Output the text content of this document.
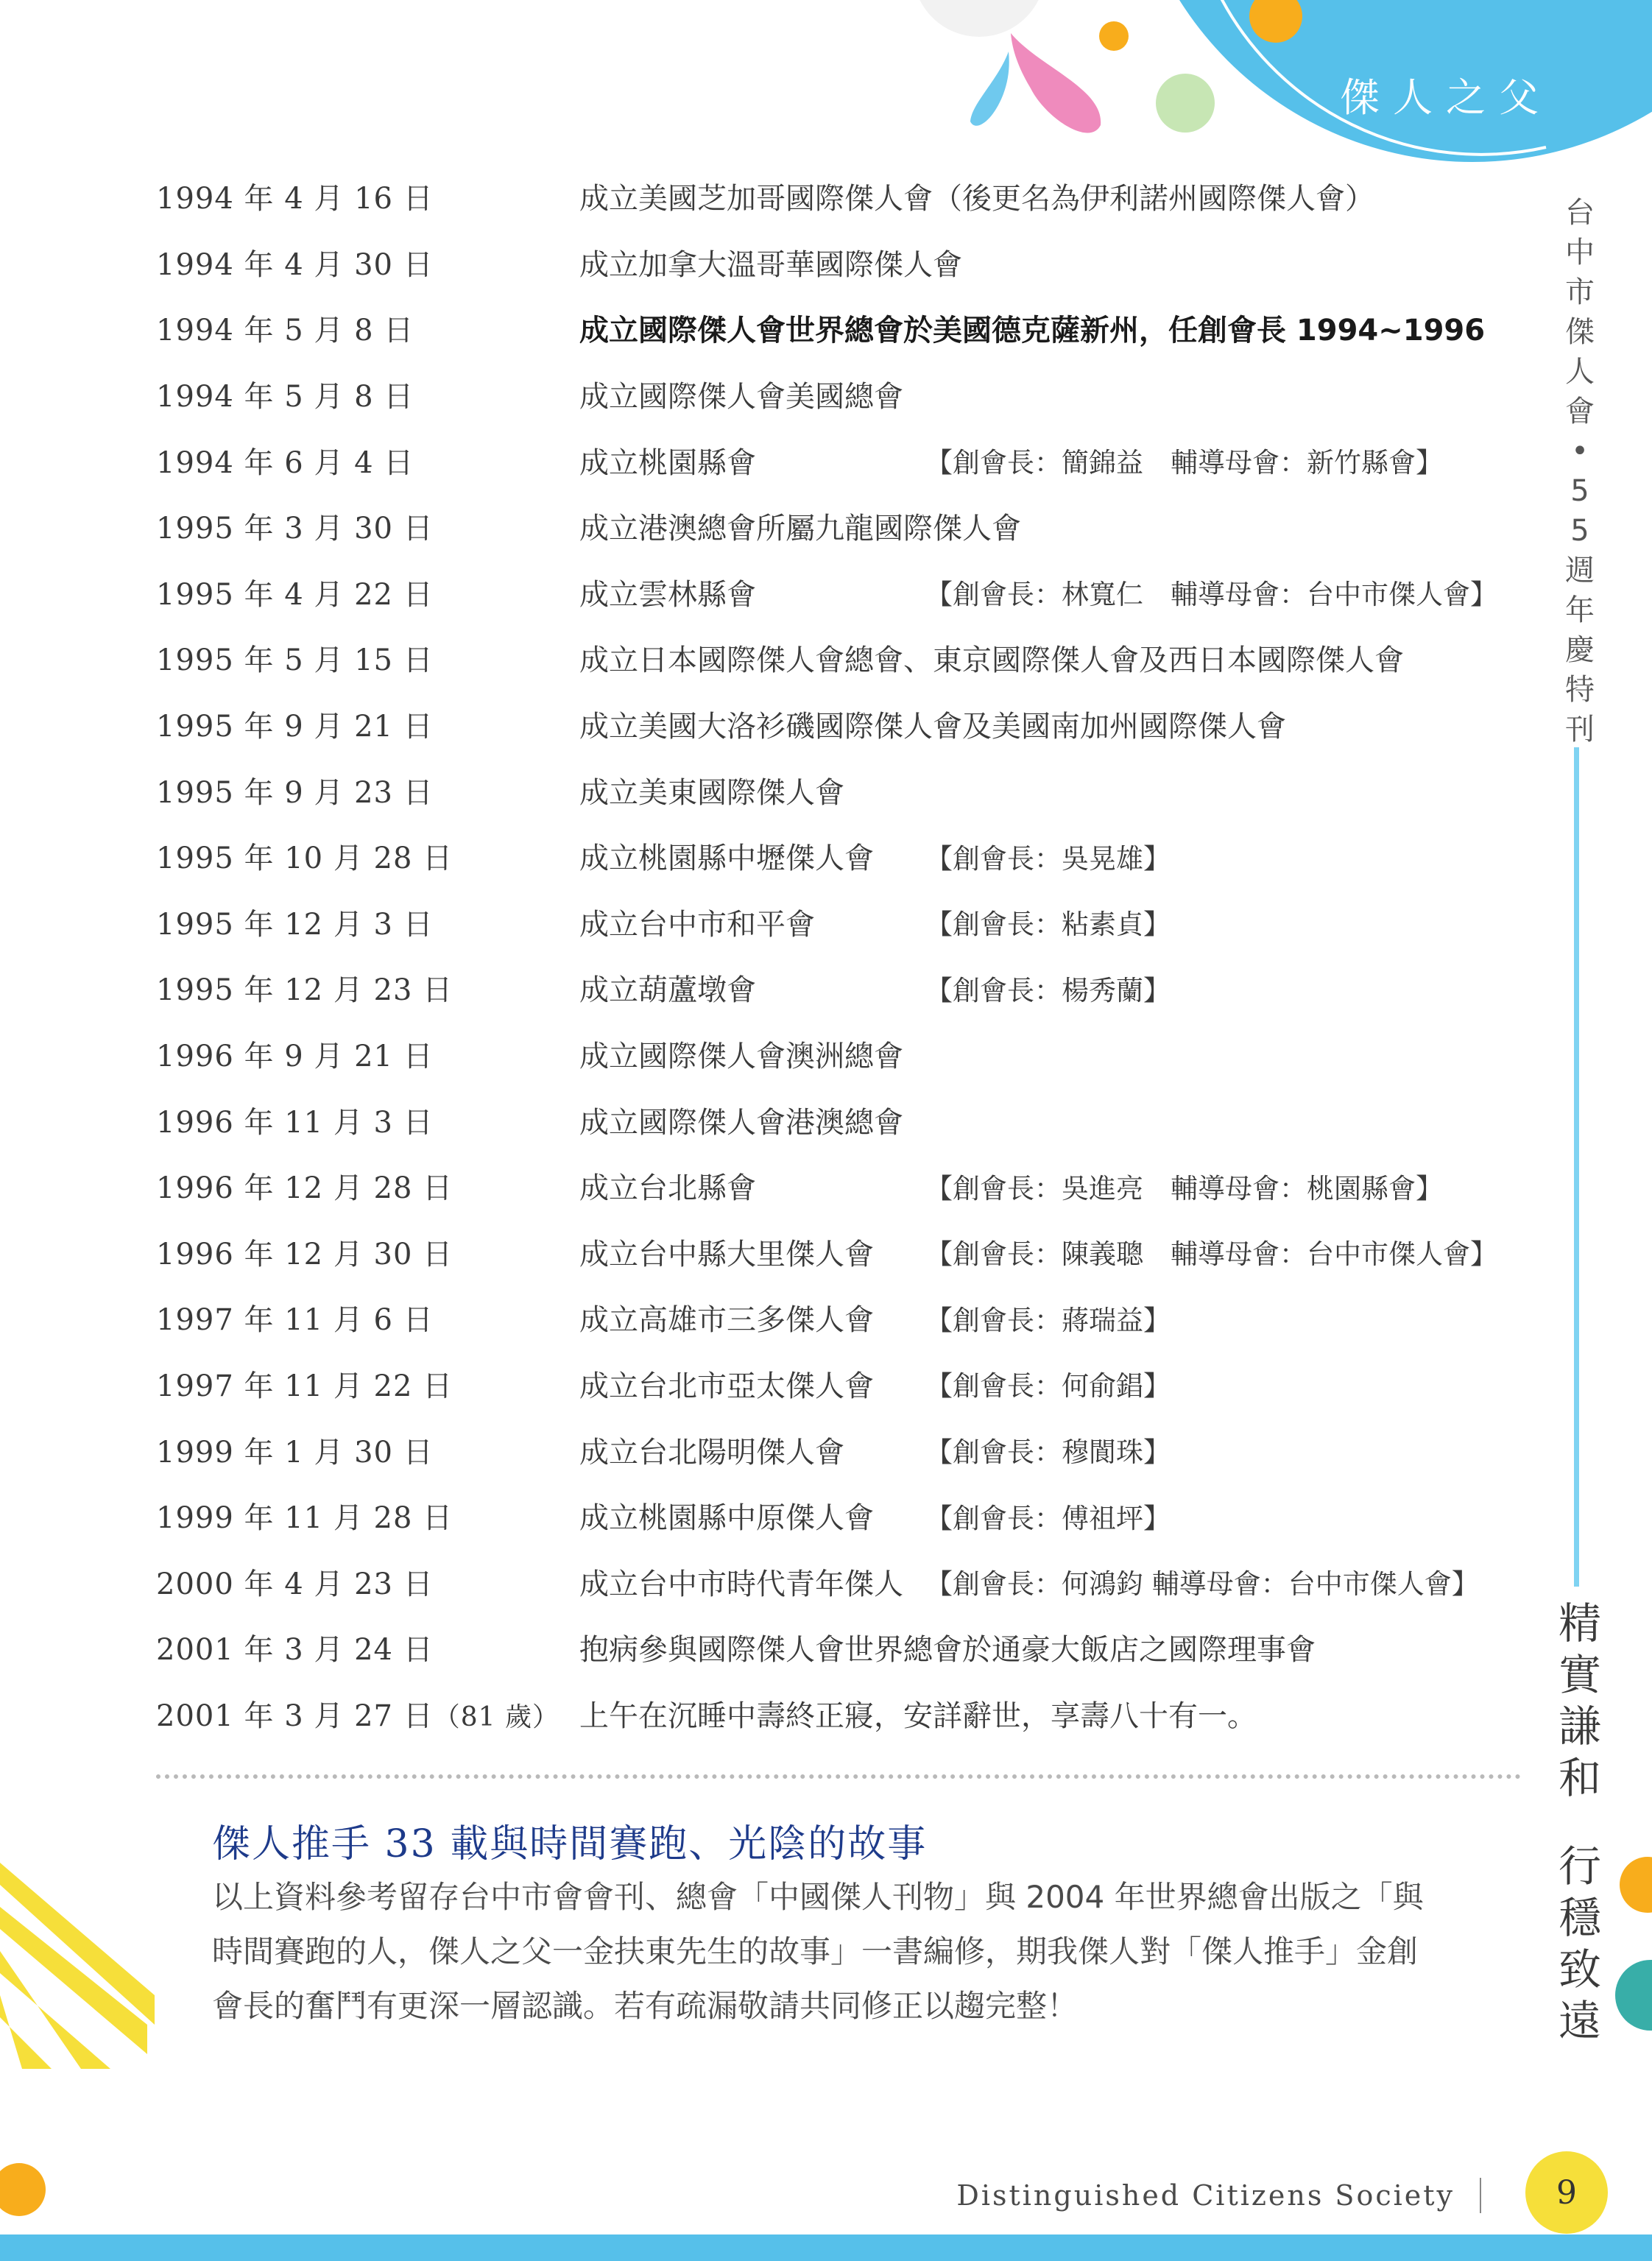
傑人之父
1994 年 4 月 16 日	成立美國芝加哥國際傑人會（後更名為伊利諾州國際傑人會）
1994 年 4 月 30 日	成立加拿大溫哥華國際傑人會
1994 年 5 月 8 日	成立國際傑人會世界總會於美國德克薩新州，任創會長 1994~1996
1994 年 5 月 8 日	成立國際傑人會美國總會
1994 年 6 月 4 日	成立桃園縣會	【創會長：簡錦益　輔導母會：新竹縣會】
1995 年 3 月 30 日	成立港澳總會所屬九龍國際傑人會
1995 年 4 月 22 日	成立雲林縣會	【創會長：林寬仁　輔導母會：台中市傑人會】
1995 年 5 月 15 日	成立日本國際傑人會總會、東京國際傑人會及西日本國際傑人會
1995 年 9 月 21 日	成立美國大洛衫磯國際傑人會及美國南加州國際傑人會
1995 年 9 月 23 日	成立美東國際傑人會
1995 年 10 月 28 日	成立桃園縣中壢傑人會	【創會長：吳晃雄】
1995 年 12 月 3 日	成立台中市和平會	【創會長：粘素貞】
1995 年 12 月 23 日	成立葫蘆墩會	【創會長：楊秀蘭】
1996 年 9 月 21 日	成立國際傑人會澳洲總會
1996 年 11 月 3 日	成立國際傑人會港澳總會
1996 年 12 月 28 日	成立台北縣會	【創會長：吳進亮　輔導母會：桃園縣會】
1996 年 12 月 30 日	成立台中縣大里傑人會	【創會長：陳義聰　輔導母會：台中市傑人會】
1997 年 11 月 6 日	成立高雄市三多傑人會	【創會長：蔣瑞益】
1997 年 11 月 22 日	成立台北市亞太傑人會	【創會長：何俞錩】
1999 年 1 月 30 日	成立台北陽明傑人會	【創會長：穆閬珠】
1999 年 11 月 28 日	成立桃園縣中原傑人會	【創會長：傅祖坪】
2000 年 4 月 23 日	成立台中市時代青年傑人 【創會長：何鴻鈞 輔導母會：台中市傑人會】
2001 年 3 月 24 日	抱病參與國際傑人會世界總會於通豪大飯店之國際理事會
2001 年 3 月 27 日（81 歲） 上午在沉睡中壽終正寢，安詳辭世，享壽八十有一。
傑人推手 33 載與時間賽跑、光陰的故事

以上資料參考留存台中市會會刊、總會「中國傑人刊物」與 2004 年世界總會出版之「與

時間賽跑的人，傑人之父一金扶東先生的故事」一書編修，期我傑人對「傑人推手」金創

會長的奮鬥有更深一層認識。若有疏漏敬請共同修正以趨完整！

台
中
市
傑
人
會
•
5
5
週
年
慶
特
刊
精
實
謙
和
行
穩
致
遠
Distinguished Citizens Society	9
